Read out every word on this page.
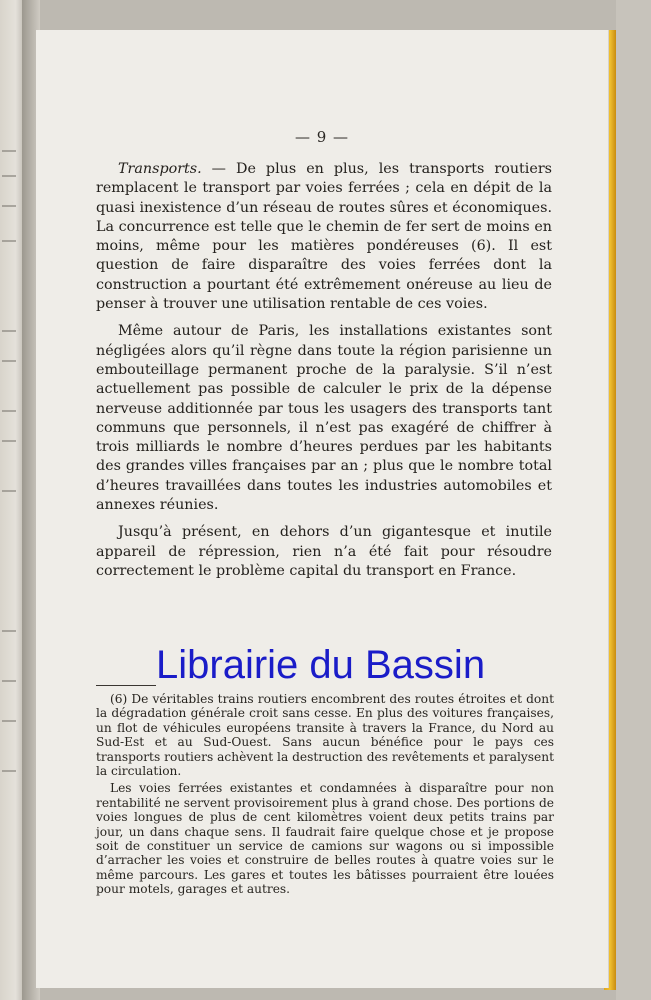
— 9 —

Transports. — De plus en plus, les transports routiers remplacent le transport par voies ferrées ; cela en dépit de la quasi inexistence d’un réseau de routes sûres et économiques. La concurrence est telle que le chemin de fer sert de moins en moins, même pour les matières pondéreuses (6). Il est question de faire disparaître des voies ferrées dont la construction a pourtant été extrêmement onéreuse au lieu de penser à trouver une utilisation rentable de ces voies.

Même autour de Paris, les installations existantes sont négligées alors qu’il règne dans toute la région parisienne un embouteillage permanent proche de la paralysie. S’il n’est actuellement pas possible de calculer le prix de la dépense nerveuse additionnée par tous les usagers des transports tant communs que personnels, il n’est pas exagéré de chiffrer à trois milliards le nombre d’heures perdues par les habitants des grandes villes françaises par an ; plus que le nombre total d’heures travaillées dans toutes les industries automobiles et annexes réunies.

Jusqu’à présent, en dehors d’un gigantesque et inutile appareil de répression, rien n’a été fait pour résoudre correctement le problème capital du transport en France.

Librairie du Bassin

(6) De véritables trains routiers encombrent des routes étroites et dont la dégradation générale croit sans cesse. En plus des voitures françaises, un flot de véhicules européens transite à travers la France, du Nord au Sud-Est et au Sud-Ouest. Sans aucun bénéfice pour le pays ces transports routiers achèvent la destruction des revêtements et paralysent la circulation.

Les voies ferrées existantes et condamnées à disparaître pour non rentabilité ne servent provisoirement plus à grand chose. Des portions de voies longues de plus de cent kilomètres voient deux petits trains par jour, un dans chaque sens. Il faudrait faire quelque chose et je propose soit de constituer un service de camions sur wagons ou si impossible d’arracher les voies et construire de belles routes à quatre voies sur le même parcours. Les gares et toutes les bâtisses pourraient être louées pour motels, garages et autres.
